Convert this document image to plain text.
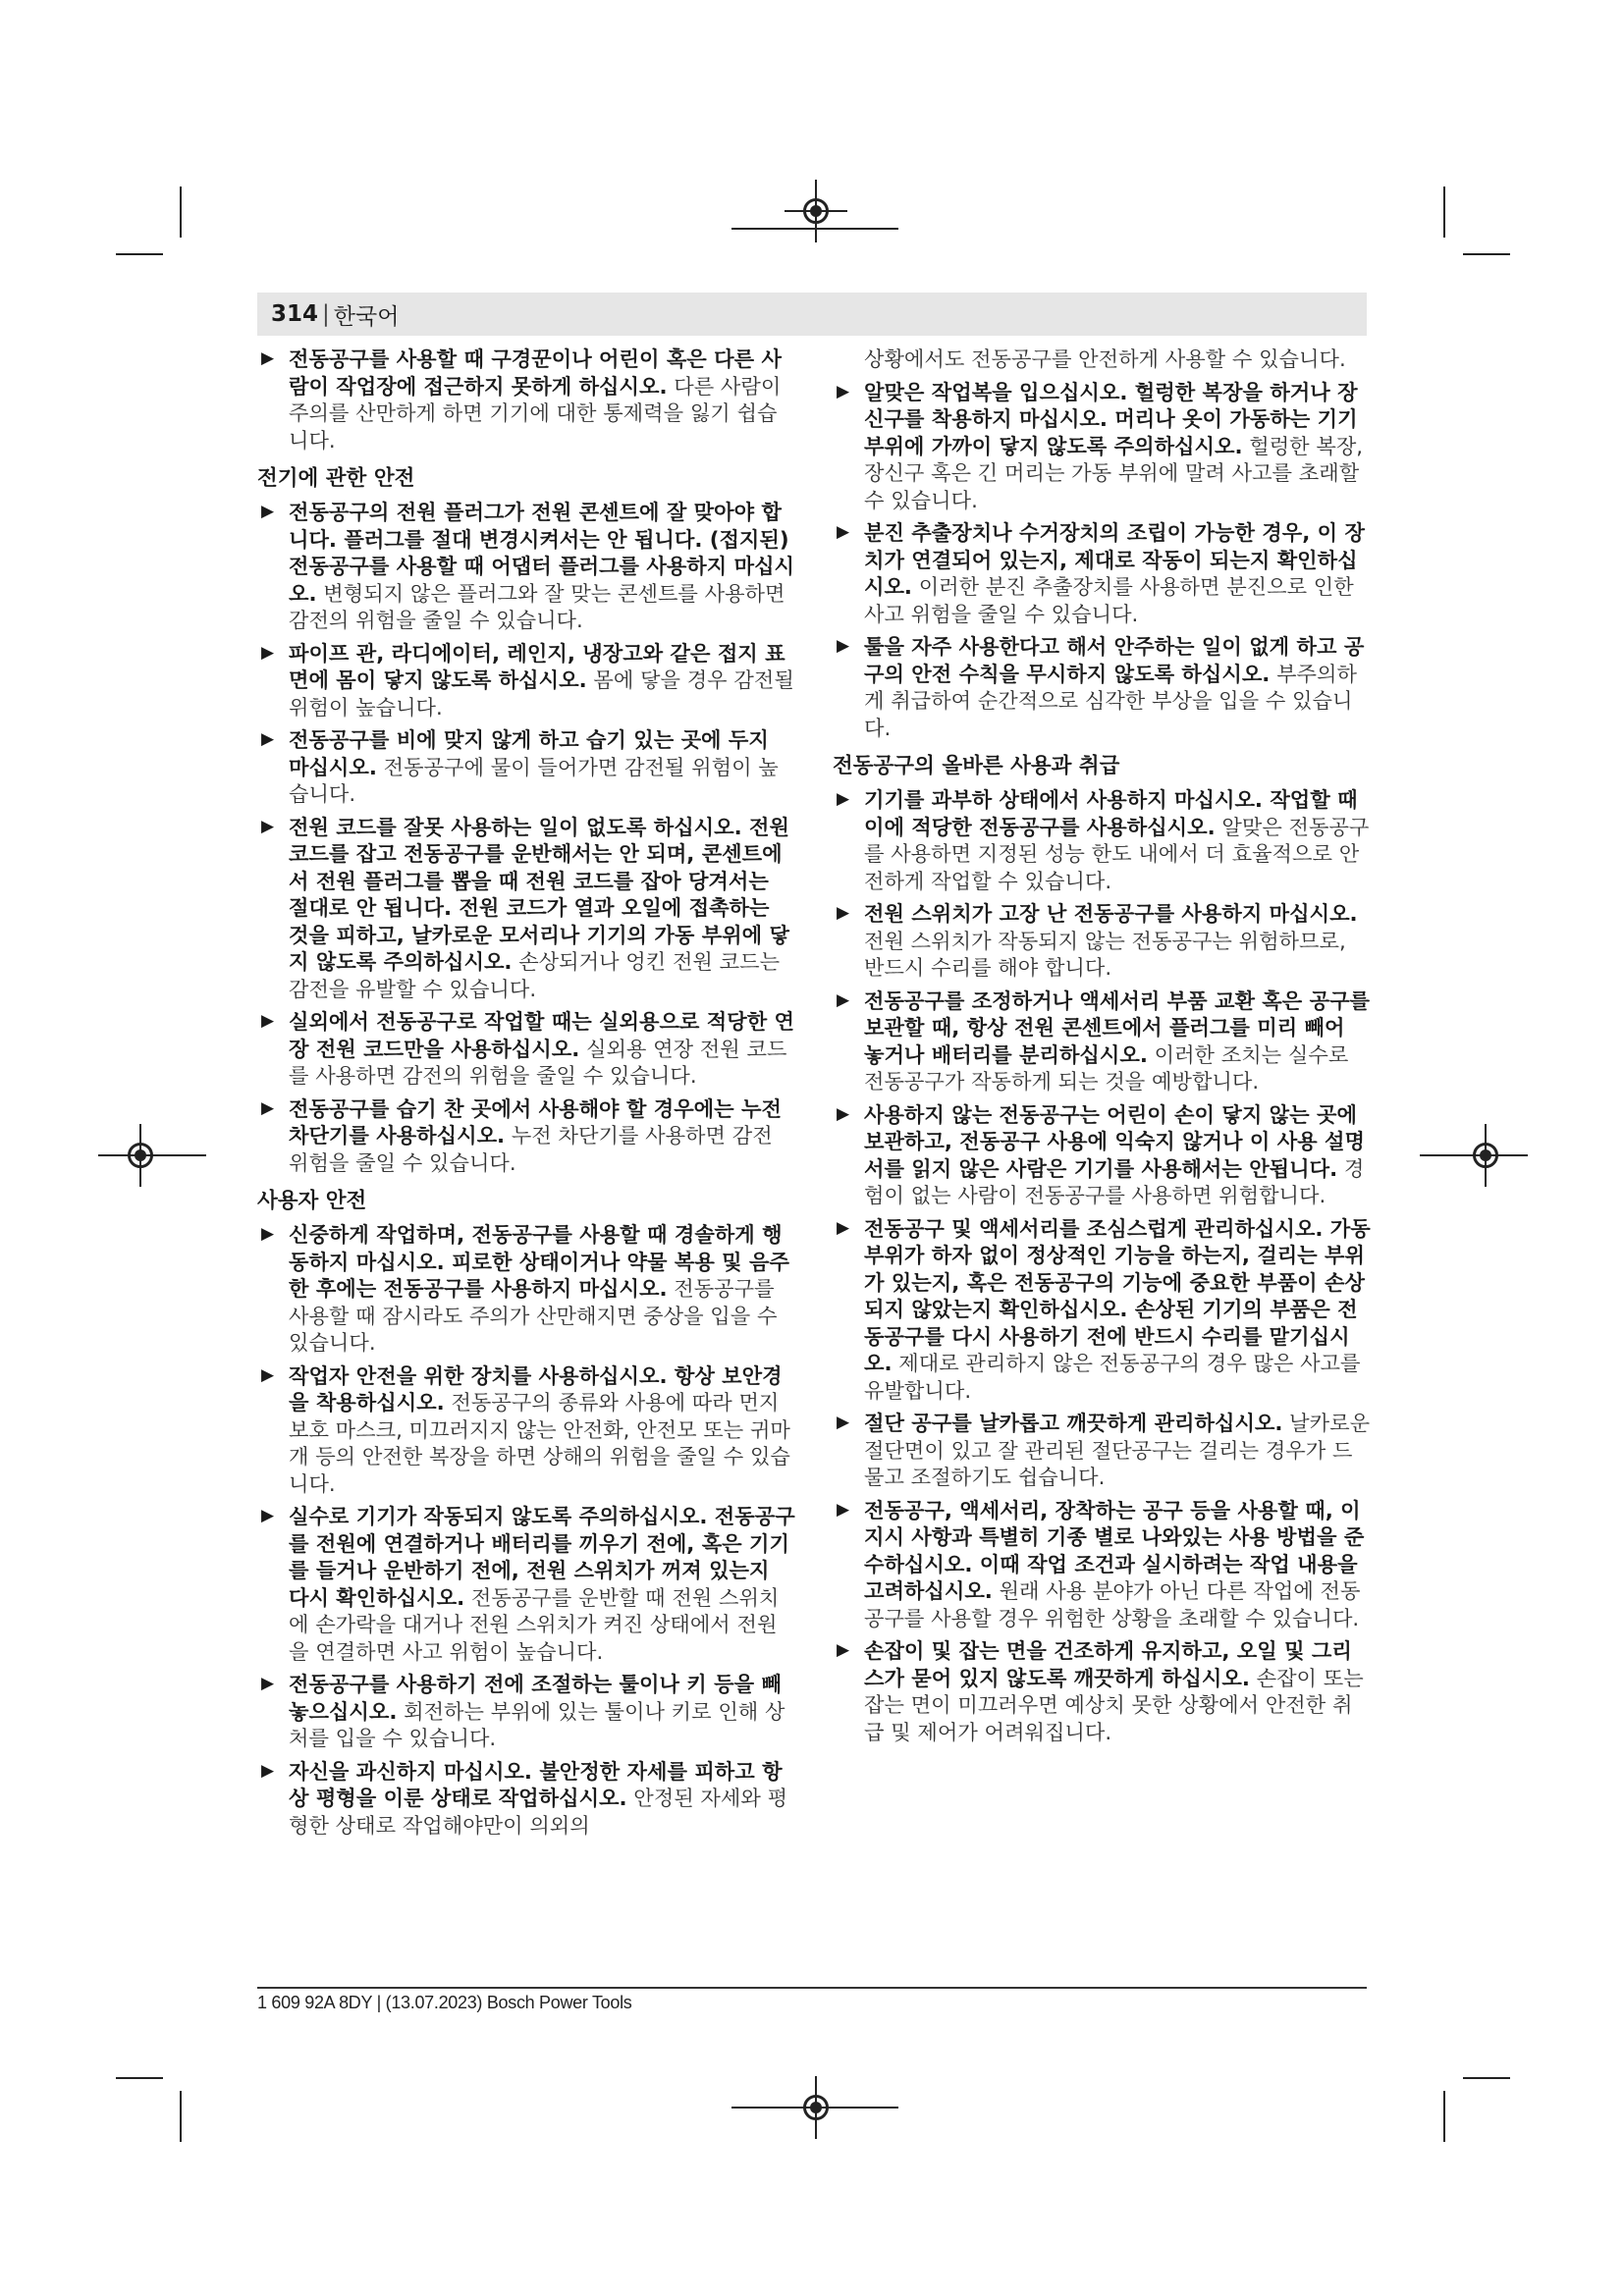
314 | 한국어
▶ 전동공구를 사용할 때 구경꾼이나 어린이 혹은 다른 사람이 작업장에 접근하지 못하게 하십시오. 다른 사람이 주의를 산만하게 하면 기기에 대한 통제력을 잃기 쉽습니다.
전기에 관한 안전
▶ 전동공구의 전원 플러그가 전원 콘센트에 잘 맞아야 합니다. 플러그를 절대 변경시켜서는 안 됩니다. (접지된) 전동공구를 사용할 때 어댑터 플러그를 사용하지 마십시오. 변형되지 않은 플러그와 잘 맞는 콘센트를 사용하면 감전의 위험을 줄일 수 있습니다.
▶ 파이프 관, 라디에이터, 레인지, 냉장고와 같은 접지 표면에 몸이 닿지 않도록 하십시오. 몸에 닿을 경우 감전될 위험이 높습니다.
▶ 전동공구를 비에 맞지 않게 하고 습기 있는 곳에 두지 마십시오. 전동공구에 물이 들어가면 감전될 위험이 높습니다.
▶ 전원 코드를 잘못 사용하는 일이 없도록 하십시오. 전원 코드를 잡고 전동공구를 운반해서는 안 되며, 콘센트에서 전원 플러그를 뽑을 때 전원 코드를 잡아 당겨서는 절대로 안 됩니다. 전원 코드가 열과 오일에 접촉하는 것을 피하고, 날카로운 모서리나 기기의 가동 부위에 닿지 않도록 주의하십시오. 손상되거나 엉킨 전원 코드는 감전을 유발할 수 있습니다.
▶ 실외에서 전동공구로 작업할 때는 실외용으로 적당한 연장 전원 코드만을 사용하십시오. 실외용 연장 전원 코드를 사용하면 감전의 위험을 줄일 수 있습니다.
▶ 전동공구를 습기 찬 곳에서 사용해야 할 경우에는 누전 차단기를 사용하십시오. 누전 차단기를 사용하면 감전 위험을 줄일 수 있습니다.
사용자 안전
▶ 신중하게 작업하며, 전동공구를 사용할 때 경솔하게 행동하지 마십시오. 피로한 상태이거나 약물 복용 및 음주한 후에는 전동공구를 사용하지 마십시오. 전동공구를 사용할 때 잠시라도 주의가 산만해지면 중상을 입을 수 있습니다.
▶ 작업자 안전을 위한 장치를 사용하십시오. 항상 보안경을 착용하십시오. 전동공구의 종류와 사용에 따라 먼지 보호 마스크, 미끄러지지 않는 안전화, 안전모 또는 귀마개 등의 안전한 복장을 하면 상해의 위험을 줄일 수 있습니다.
▶ 실수로 기기가 작동되지 않도록 주의하십시오. 전동공구를 전원에 연결하거나 배터리를 끼우기 전에, 혹은 기기를 들거나 운반하기 전에, 전원 스위치가 꺼져 있는지 다시 확인하십시오. 전동공구를 운반할 때 전원 스위치에 손가락을 대거나 전원 스위치가 켜진 상태에서 전원을 연결하면 사고 위험이 높습니다.
▶ 전동공구를 사용하기 전에 조절하는 툴이나 키 등을 빼 놓으십시오. 회전하는 부위에 있는 툴이나 키로 인해 상처를 입을 수 있습니다.
▶ 자신을 과신하지 마십시오. 불안정한 자세를 피하고 항상 평형을 이룬 상태로 작업하십시오. 안정된 자세와 평형한 상태로 작업해야만이 의외의
상황에서도 전동공구를 안전하게 사용할 수 있습니다.
▶ 알맞은 작업복을 입으십시오. 헐렁한 복장을 하거나 장신구를 착용하지 마십시오. 머리나 옷이 가동하는 기기 부위에 가까이 닿지 않도록 주의하십시오. 헐렁한 복장, 장신구 혹은 긴 머리는 가동 부위에 말려 사고를 초래할 수 있습니다.
▶ 분진 추출장치나 수거장치의 조립이 가능한 경우, 이 장치가 연결되어 있는지, 제대로 작동이 되는지 확인하십시오. 이러한 분진 추출장치를 사용하면 분진으로 인한 사고 위험을 줄일 수 있습니다.
▶ 툴을 자주 사용한다고 해서 안주하는 일이 없게 하고 공구의 안전 수칙을 무시하지 않도록 하십시오. 부주의하게 취급하여 순간적으로 심각한 부상을 입을 수 있습니다.
전동공구의 올바른 사용과 취급
▶ 기기를 과부하 상태에서 사용하지 마십시오. 작업할 때 이에 적당한 전동공구를 사용하십시오. 알맞은 전동공구를 사용하면 지정된 성능 한도 내에서 더 효율적으로 안전하게 작업할 수 있습니다.
▶ 전원 스위치가 고장 난 전동공구를 사용하지 마십시오. 전원 스위치가 작동되지 않는 전동공구는 위험하므로, 반드시 수리를 해야 합니다.
▶ 전동공구를 조정하거나 액세서리 부품 교환 혹은 공구를 보관할 때, 항상 전원 콘센트에서 플러그를 미리 빼어 놓거나 배터리를 분리하십시오. 이러한 조치는 실수로 전동공구가 작동하게 되는 것을 예방합니다.
▶ 사용하지 않는 전동공구는 어린이 손이 닿지 않는 곳에 보관하고, 전동공구 사용에 익숙지 않거나 이 사용 설명서를 읽지 않은 사람은 기기를 사용해서는 안됩니다. 경험이 없는 사람이 전동공구를 사용하면 위험합니다.
▶ 전동공구 및 액세서리를 조심스럽게 관리하십시오. 가동 부위가 하자 없이 정상적인 기능을 하는지, 걸리는 부위가 있는지, 혹은 전동공구의 기능에 중요한 부품이 손상되지 않았는지 확인하십시오. 손상된 기기의 부품은 전동공구를 다시 사용하기 전에 반드시 수리를 맡기십시오. 제대로 관리하지 않은 전동공구의 경우 많은 사고를 유발합니다.
▶ 절단 공구를 날카롭고 깨끗하게 관리하십시오. 날카로운 절단면이 있고 잘 관리된 절단공구는 걸리는 경우가 드물고 조절하기도 쉽습니다.
▶ 전동공구, 액세서리, 장착하는 공구 등을 사용할 때, 이 지시 사항과 특별히 기종 별로 나와있는 사용 방법을 준수하십시오. 이때 작업 조건과 실시하려는 작업 내용을 고려하십시오. 원래 사용 분야가 아닌 다른 작업에 전동공구를 사용할 경우 위험한 상황을 초래할 수 있습니다.
▶ 손잡이 및 잡는 면을 건조하게 유지하고, 오일 및 그리스가 묻어 있지 않도록 깨끗하게 하십시오. 손잡이 또는 잡는 면이 미끄러우면 예상치 못한 상황에서 안전한 취급 및 제어가 어려워집니다.
1 609 92A 8DY | (13.07.2023) Bosch Power Tools
